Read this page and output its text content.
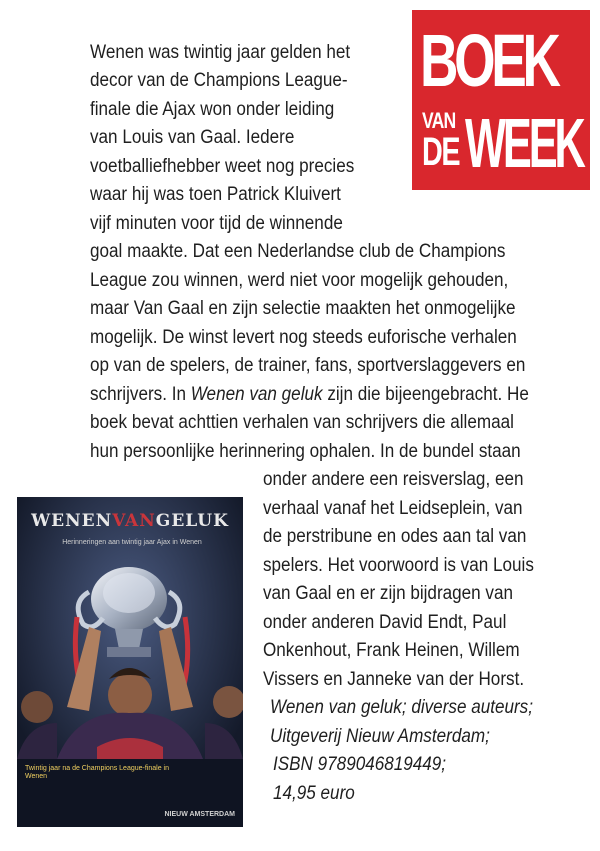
BOEK
VAN
DE WEEK
Wenen was twintig jaar gelden het
decor van de Champions League-
finale die Ajax won onder leiding
van Louis van Gaal. Iedere
voetballiefhebber weet nog precies
waar hij was toen Patrick Kluivert
vijf minuten voor tijd de winnende
goal maakte. Dat een Nederlandse club de Champions
League zou winnen, werd niet voor mogelijk gehouden,
maar Van Gaal en zijn selectie maakten het onmogelijke
mogelijk. De winst levert nog steeds euforische verhalen
op van de spelers, de trainer, fans, sportverslaggevers en
schrijvers. In Wenen van geluk zijn die bijeengebracht. He
boek bevat achttien verhalen van schrijvers die allemaal
hun persoonlijke herinnering ophalen. In de bundel staan
onder andere een reisverslag, een
verhaal vanaf het Leidseplein, van
de perstribune en odes aan tal van
spelers. Het voorwoord is van Louis
van Gaal en er zijn bijdragen van
onder anderen David Endt, Paul
Onkenhout, Frank Heinen, Willem
Vissers en Janneke van der Horst.
Wenen van geluk; diverse auteurs;
Uitgeverij Nieuw Amsterdam;
ISBN 9789046819449;
14,95 euro
WENENVANGELUK
Herinneringen aan twintig jaar Ajax in Wenen
Twintig jaar na de Champions League-finale in Wenen
NIEUW AMSTERDAM
